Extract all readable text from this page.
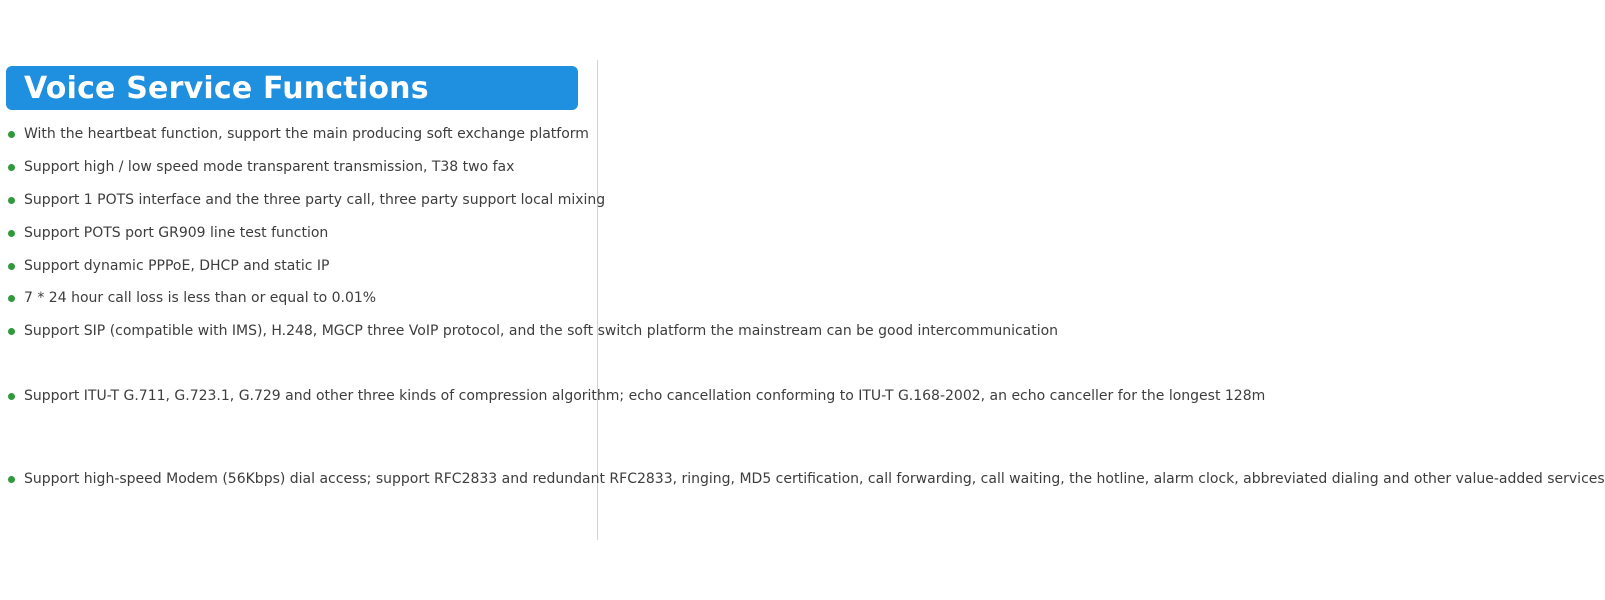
Voice Service Functions
With the heartbeat function, support the main producing soft exchange platform
Support high / low speed mode transparent transmission, T38 two fax
Support 1 POTS interface and the three party call, three party support local mixing
Support POTS port GR909 line test function
Support dynamic PPPoE, DHCP and static IP
7 * 24 hour call loss is less than or equal to 0.01%
Support SIP (compatible with IMS), H.248, MGCP three VoIP protocol, and the soft switch platform the mainstream can be good intercommunication
Support ITU-T G.711, G.723.1, G.729 and other three kinds of compression algorithm; echo cancellation conforming to ITU-T G.168-2002, an echo canceller for the longest 128m
Support high-speed Modem (56Kbps) dial access; support RFC2833 and redundant RFC2833, ringing, MD5 certification, call forwarding, call waiting, the hotline, alarm clock, abbreviated dialing and other value-added services
